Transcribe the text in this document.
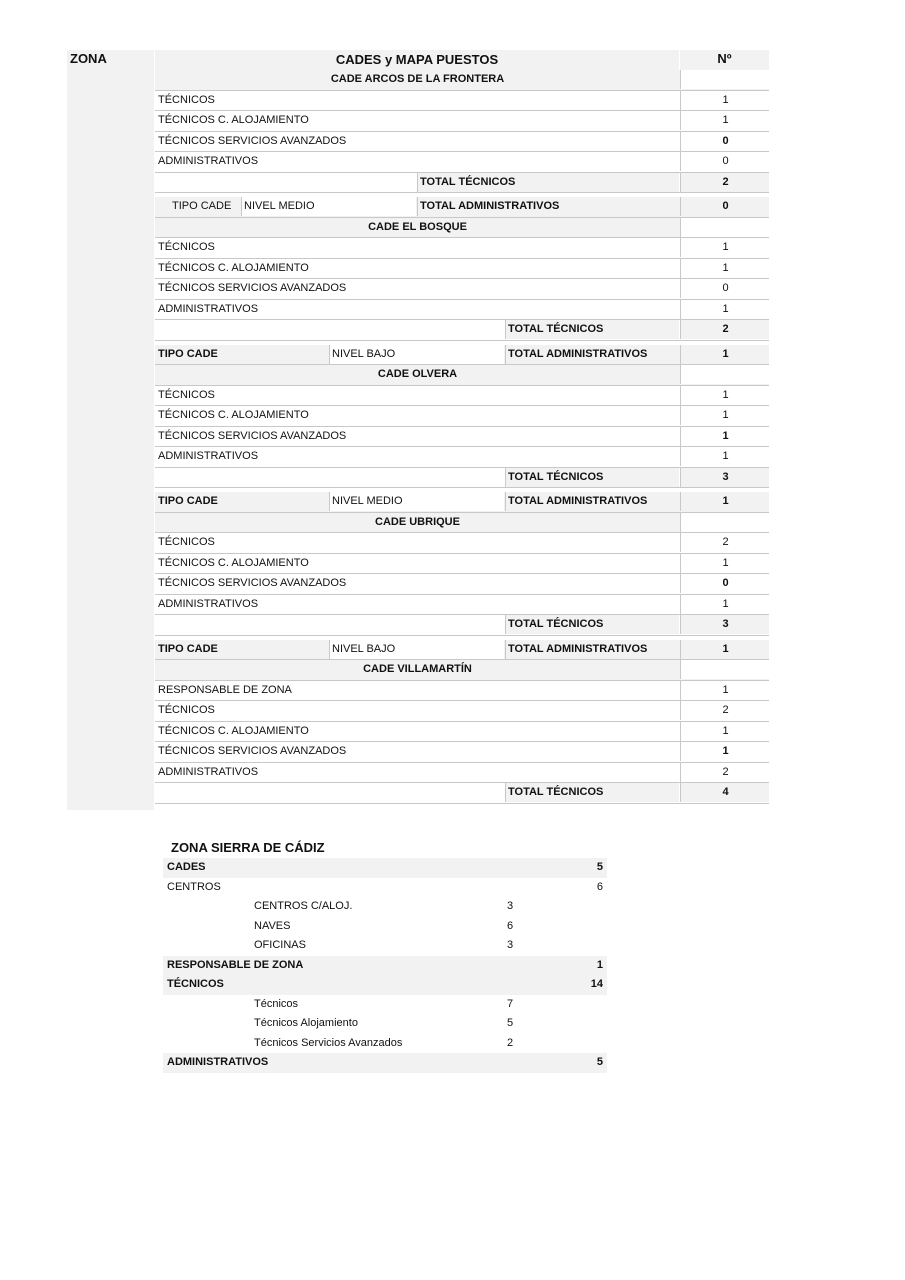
ZONA	CADES y MAPA PUESTOS	Nº
CADE ARCOS DE LA FRONTERA
TÉCNICOS	1
TÉCNICOS C. ALOJAMIENTO	1
TÉCNICOS SERVICIOS AVANZADOS	0
ADMINISTRATIVOS	0
TOTAL TÉCNICOS	2
TIPO CADE NIVEL MEDIO	TOTAL ADMINISTRATIVOS	0
CADE EL BOSQUE
TÉCNICOS	1
TÉCNICOS C. ALOJAMIENTO	1
TÉCNICOS SERVICIOS AVANZADOS	0
ADMINISTRATIVOS	1
TOTAL TÉCNICOS	2
TIPO CADE	NIVEL BAJO	TOTAL ADMINISTRATIVOS	1
CADE OLVERA
TÉCNICOS	1
TÉCNICOS C. ALOJAMIENTO	1
TÉCNICOS SERVICIOS AVANZADOS	1
ADMINISTRATIVOS	1
TOTAL TÉCNICOS	3
TIPO CADE	NIVEL MEDIO	TOTAL ADMINISTRATIVOS	1
CADE UBRIQUE
TÉCNICOS	2
TÉCNICOS C. ALOJAMIENTO	1
TÉCNICOS SERVICIOS AVANZADOS	0
ADMINISTRATIVOS	1
TOTAL TÉCNICOS	3
TIPO CADE	NIVEL BAJO	TOTAL ADMINISTRATIVOS	1
CADE VILLAMARTÍN
RESPONSABLE DE ZONA	1
TÉCNICOS	2
TÉCNICOS C. ALOJAMIENTO	1
TÉCNICOS SERVICIOS AVANZADOS	1
ADMINISTRATIVOS	2
TOTAL TÉCNICOS	4
ZONA SIERRA DE CÁDIZ
CADES	5
CENTROS	6
CENTROS C/ALOJ.	3
NAVES	6
OFICINAS	3
RESPONSABLE DE ZONA	1
TÉCNICOS	14
Técnicos	7
Técnicos Alojamiento	5
Técnicos Servicios Avanzados	2
ADMINISTRATIVOS	5
